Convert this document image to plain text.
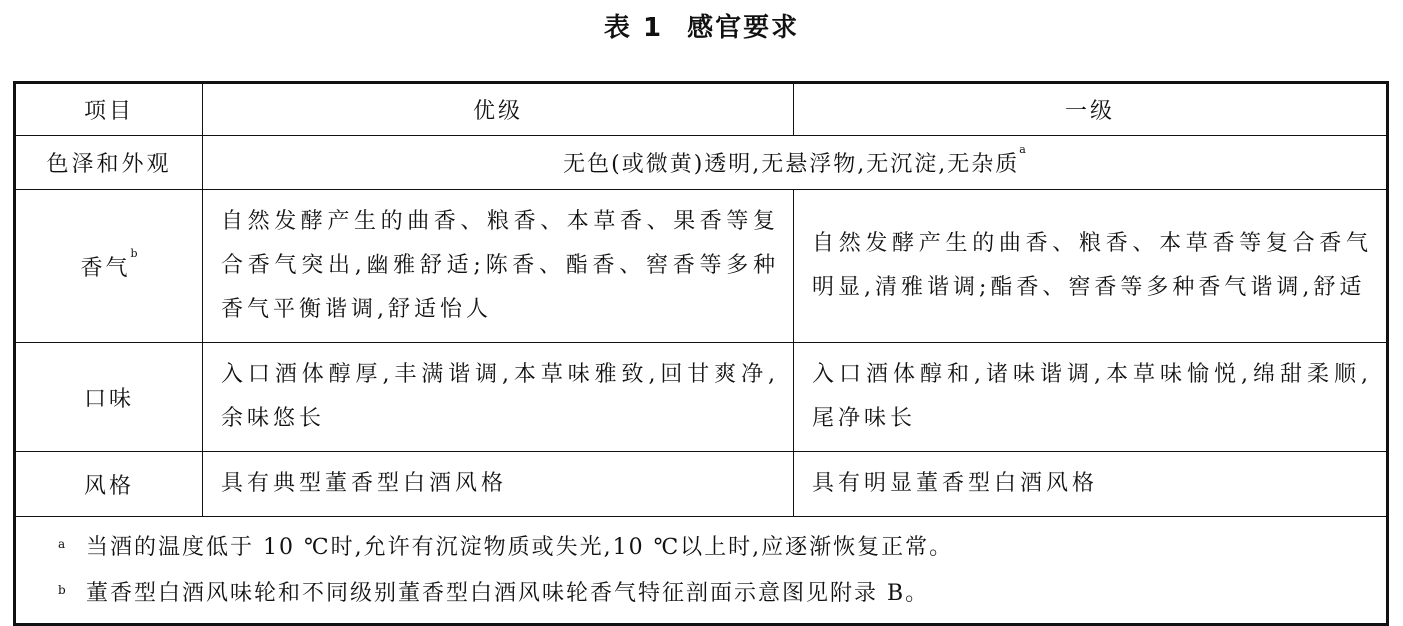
表 1 感官要求
项目	优级	一级
色泽和外观	无色(或微黄)透明,无悬浮物,无沉淀,无杂质$^a$
香气$^b$	自然发酵产生的曲香、粮香、本草香、果香等复合香气突出,幽雅舒适;陈香、酯香、窖香等多种香气平衡谐调,舒适怡人	自然发酵产生的曲香、粮香、本草香等复合香气明显,清雅谐调;酯香、窖香等多种香气谐调,舒适
口味	入口酒体醇厚,丰满谐调,本草味雅致,回甘爽净,余味悠长	入口酒体醇和,诸味谐调,本草味愉悦,绵甜柔顺,尾净味长
风格	具有典型董香型白酒风格	具有明显董香型白酒风格

a 当酒的温度低于 10 ℃时,允许有沉淀物质或失光,10 ℃以上时,应逐渐恢复正常。
b 董香型白酒风味轮和不同级别董香型白酒风味轮香气特征剖面示意图见附录 B。		
